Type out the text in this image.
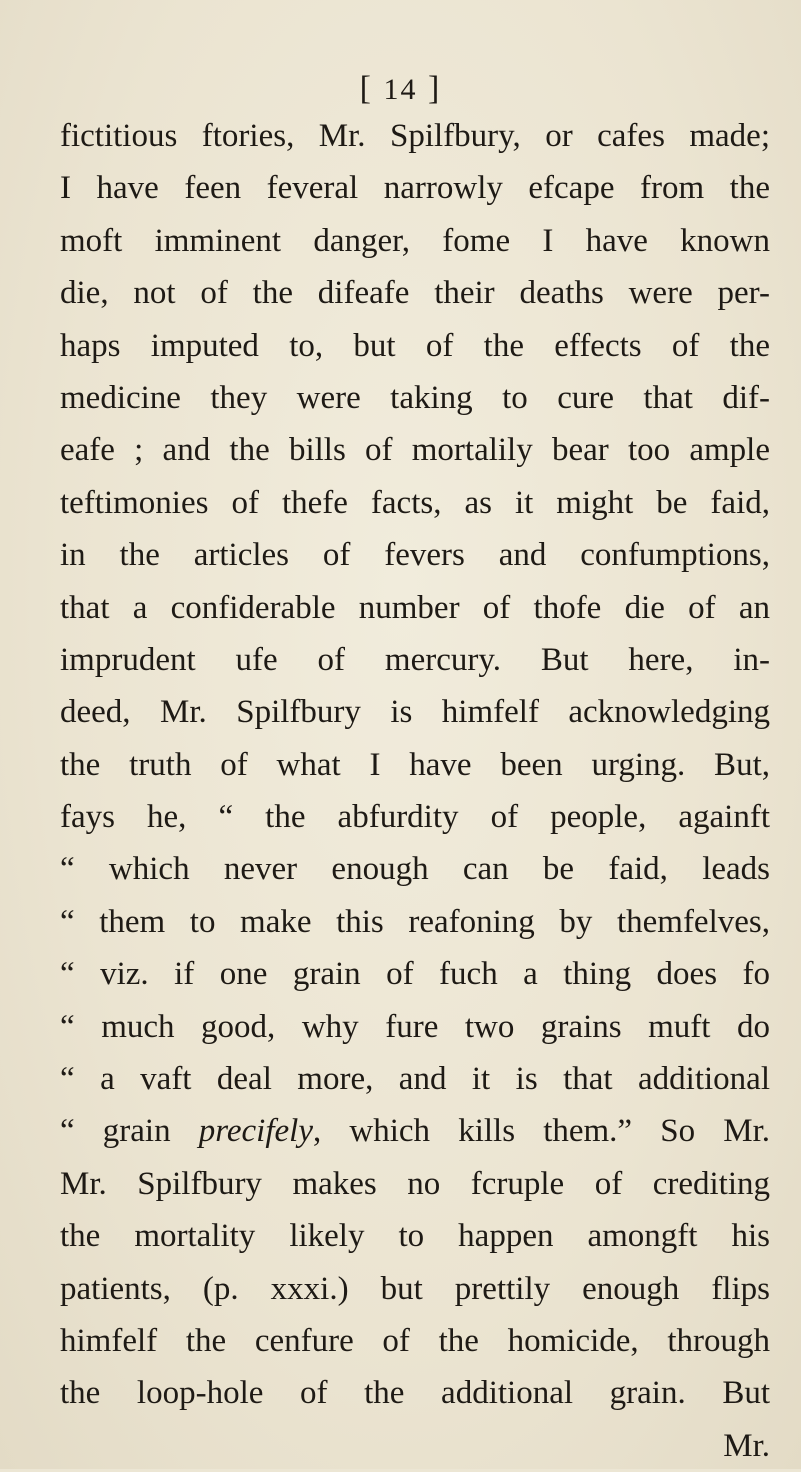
[ 14 ]
fictitious ftories, Mr. Spilfbury, or cafes made;
I have feen feveral narrowly efcape from the
moft imminent danger, fome I have known
die, not of the difeafe their deaths were per-
haps imputed to, but of the effects of the
medicine they were taking to cure that dif-
eafe ; and the bills of mortalily bear too ample
teftimonies of thefe facts, as it might be faid,
in the articles of fevers and confumptions,
that a confiderable number of thofe die of an
imprudent ufe of mercury. But here, in-
deed, Mr. Spilfbury is himfelf acknowledging
the truth of what I have been urging. But,
fays he, “ the abfurdity of people, againft
“ which never enough can be faid, leads
“ them to make this reafoning by themfelves,
“ viz. if one grain of fuch a thing does fo
“ much good, why fure two grains muft do
“ a vaft deal more, and it is that additional
“ grain precifely, which kills them.” So Mr.
Mr. Spilfbury makes no fcruple of crediting
the mortality likely to happen amongft his
patients, (p. xxxi.) but prettily enough flips
himfelf the cenfure of the homicide, through
the loop-hole of the additional grain. But
Mr.
